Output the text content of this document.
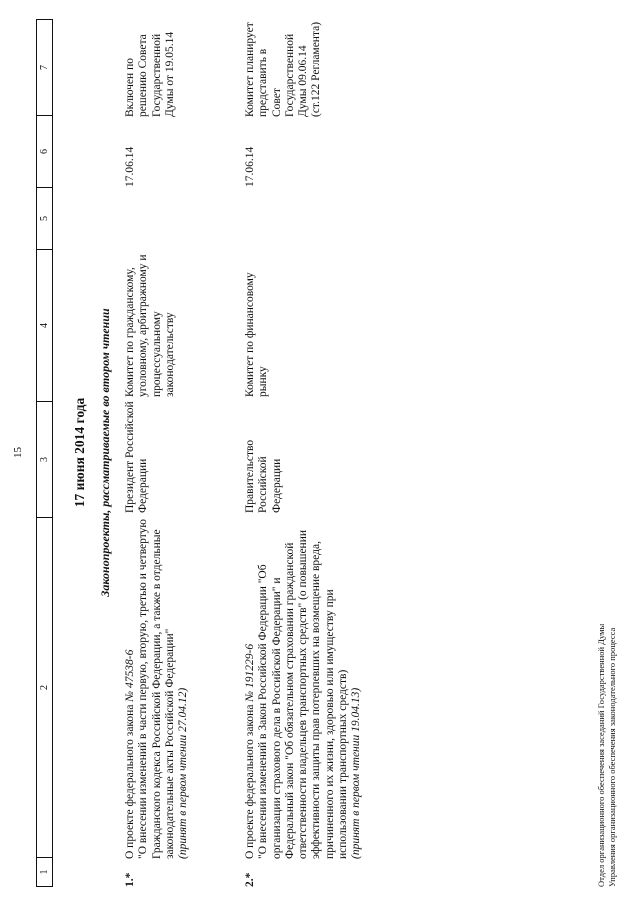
15
1
2
3
4
5
6
7
17 июня 2014 года Законопроекты, рассматриваемые во втором чтении
1.*
О проекте федерального закона № 47538-6
"О внесении изменений в части первую, вторую, третью и четвертую Гражданского кодекса Российской Федерации, а также в отдельные законодательные акты Российской Федерации"
(принят в первом чтении 27.04.12)
Президент Российской Федерации
Комитет по гражданскому, уголовному, арбитражному и процессуальному законодательству
17.06.14
Включен по решению Совета Государственной Думы от 19.05.14
2.*
О проекте федерального закона № 191229-6
"О внесении изменений в Закон Российской Федерации "Об организации страхового дела в Российской Федерации" и Федеральный закон "Об обязательном страховании гражданской ответственности владельцев транспортных средств" (о повышении эффективности защиты прав потерпевших на возмещение вреда, причиненного их жизни, здоровью или имуществу при использовании транспортных средств)
(принят в первом чтении 19.04.13)
Правительство Российской Федерации
Комитет по финансовому рынку
17.06.14
Комитет планирует представить в Совет Государственной Думы 09.06.14 (ст.122 Регламента)
Отдел организационного обеспечения заседаний Государственной Думы Управления организационного обеспечения законодательного процесса
